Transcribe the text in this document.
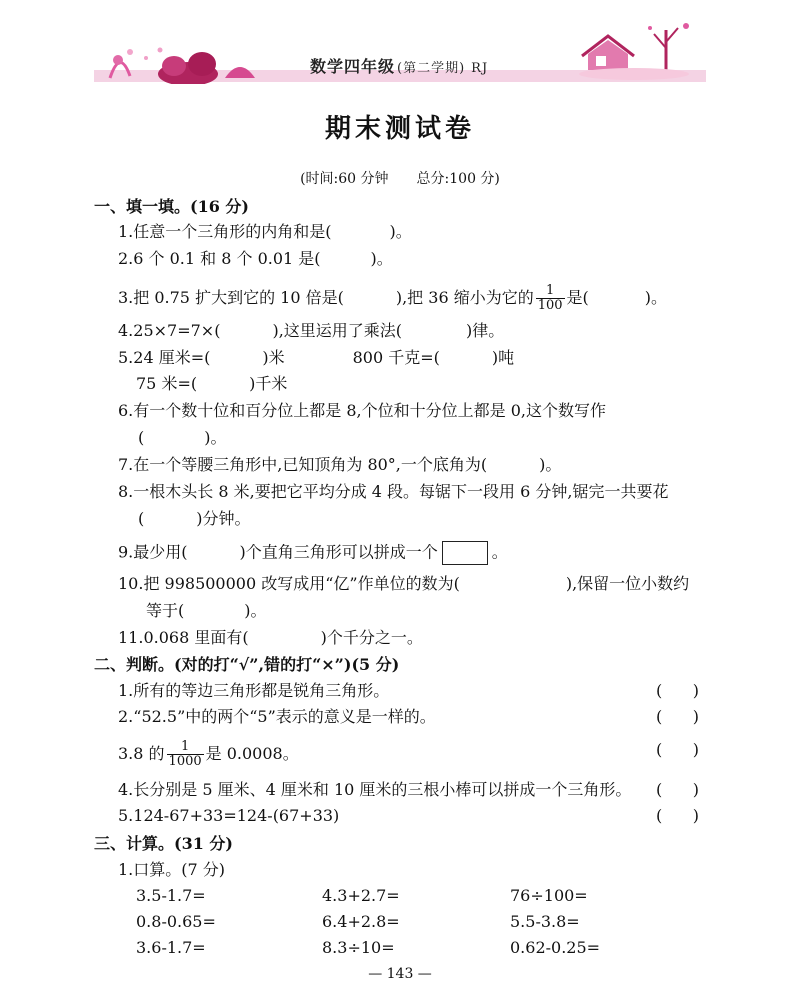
数学四年级 (第二学期) RJ
期末测试卷
(时间:60 分钟 总分:100 分)
一、填一填。(16 分)
1.任意一个三角形的内角和是(	)。
2.6 个 0.1 和 8 个 0.01 是(	)。
3.把 0.75 扩大到它的 10 倍是(	),把 36 缩小为它的 $\frac{1}{100}$ 是(	)。
4.25×7=7×(	),这里运用了乘法(	)律。
5.24 厘米=(	)米	800 千克=(	)吨
75 米=(	)千米
6.有一个数十位和百分位上都是 8,个位和十分位上都是 0,这个数写作
(	)。
7.在一个等腰三角形中,已知顶角为 80°,一个底角为(	)。
8.一根木头长 8 米,要把它平均分成 4 段。每锯下一段用 6 分钟,锯完一共要花
(	)分钟。
9.最少用(	)个直角三角形可以拼成一个	。
10.把 998500000 改写成用“亿”作单位的数为(	),保留一位小数约
等于(	)。
11.0.068 里面有(	)个千分之一。
二、判断。(对的打“√”,错的打“×”)(5 分)
1.所有的等边三角形都是锐角三角形。	(      )
2.“52.5”中的两个“5”表示的意义是一样的。	(      )
3.8 的 $\frac{1}{1000}$ 是 0.0008。	(      )
4.长分别是 5 厘米、4 厘米和 10 厘米的三根小棒可以拼成一个三角形。 (      )
5.124-67+33=124-(67+33)	(      )
三、计算。(31 分)
1.口算。(7 分)
3.5-1.7=	4.3+2.7=	76÷100=
0.8-0.65=	6.4+2.8=	5.5-3.8=
3.6-1.7=	8.3÷10=	0.62-0.25=
— 143 —
